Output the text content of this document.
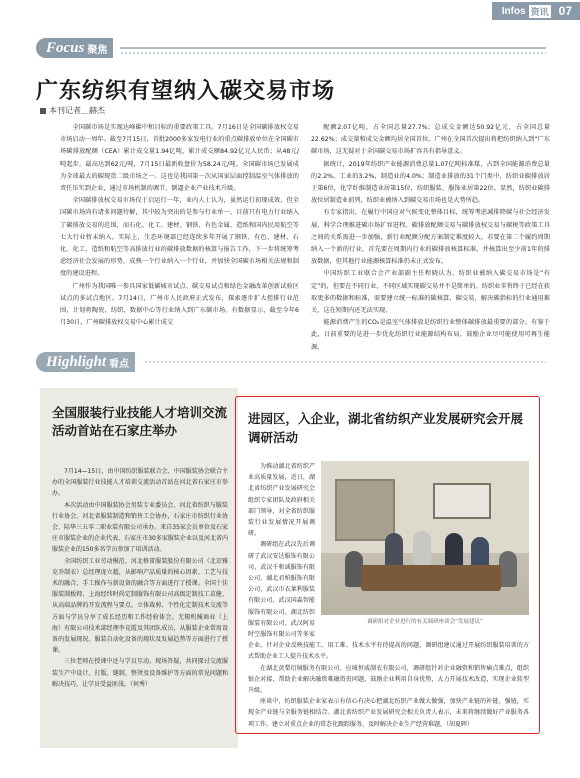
Infos 资讯 07
Focus 聚焦
广东纺织有望纳入碳交易市场
本刊记者＿赫杰

全国碳市场是实现达峰碳中和目标的重要政策工具。7月16日是全国碳排放权交易市场启动一周年。截至7月15日，首批2000多家发电行业的重点碳排放单位在全国碳市场碳排放配额（CEA）累计成交量1.94亿吨，累计成交额84.92亿元人民币；从48元/吨起步，最高达到62元/吨，7月15日最新收盘价为58.24元/吨。全国碳市场已发展成为全球最大的碳现货二级市场之一。这也是我国第一次从国家层面控制温室气体排放的责任压实到企业，通过市场机制的调节，倒逼企业产业技术升级。

全国碳排放权交易市场仅于启运行一年，业内人士认为，虽然运行初现成效，但全国碳市场尚有诸多问题待解，其中较为突出的是参与行业单一。目前只有电力行业纳入了碳排放交易的范围，而石化、化工、建材、钢铁、有色金属、造纸和国内民用航空等七大行业暂未纳入。实际上，生态环境部已经连续多年开展了钢铁、有色、建材、石化、化工、造纸和航空等高排放行业的碳排放数据的核算与报告工作，下一步将统筹考虑经济社会发展的形势，成熟一个行业纳入一个行业，并加快全国碳市场相关法规和制度的建设进程。

广州作为我国唯一参具国家低碳城市试点、碳交易试点和绿色金融改革创新试验区试点的多试点地区。7月14日，广州市人民政府正式发布，探索逐步扩大控排行业范围，计划将陶瓷、纺织、数据中心等行业纳入到广东碳市场。有数据显示，截至今年6月30日，广州碳排放权交易中心累计成交

配额2.07亿吨，占全国总量27.7%；总成交金额达50.92亿元，占全国总量22.62%；成交量和成交金额均居全国首位。广州在全国首次提出将把纺织纳入到“广东碳市场，这无疑对于全国碳交易市场扩容具有指导意义。

据统计，2019年纺织产业能源消费总量1.07亿吨标准煤，占到全国能源消费总量的2.2%。工业的3.2%，制造业的4.0%；制造业排放的31个门类中，纺织业碳排放居于第6位，化学纤维制造业居第15位，纺织服装、服饰业居第22位。显然，纺织业碳排放位居制造业前列，纺织业被纳入到碳交易市场也是大势所趋。

有专家指出，在履行中国应对气候变化整体目标，统筹考虑减排降碳与社会经济发展，科学合理推进碳市场扩容进程。碳排放配额交易与碳排放权交易与碳税等政策工具之间的关系需进一步加强，新行业配额分配方案制定难度较大。若要在第二个履约周期纳入一个新的行业，首先要在周期内行业的碳排放核算标准，并核算出至少前1年的排放数据，但其他行业能源核算标准仍未正式发布。

中国纺织工业联合会产业部副主任程晓认为，纺织业被纳入碳交易市场是“有定”的，但要在不同行业，不同区域实现碳交易并不是简单的。纺织业零售终于已经在获取更多的数据和标准，需要建立统一标准的碳核算，碳交易，解决碳指标的行业通用难关，这在短期内还无法实现。

能源消费产生的CO₂是温室气体排放是纺织行业整体碳排放最重要的部分。有鉴于此，日前重要的是进一步优化纺织行业能源结构布局，鼓励企业尽可能使用可再生能源。

Highlight 看点
全国服装行业技能人才培训交流活动首站在石家庄举办

7月14—15日，由中国纺织服装联合会、中国服装协会联合主办的全国服装行业技能人才培训交流活动首站在河北省石家庄市举办。

本次活动由中国服装协会男装专业委员会、河北省纺织与服装行业协会、河北省服装制造和销售工会协办，石家庄市纺织行业协会、际华三五零二职业装有限公司承办。来自35家会员单位及石家庄市服装企业的企业代表、石家庄市30多家服装企业以及河北省内服装企业的150多名学员参加了培训活动。

全国纺织工业劳动模范、河北格雷服装股份有限公司（北京雅克乔制衣）总经理庞立超，从影响产品质量的核心因素、工艺与技术的融合、手工操作与新设备的融合等方面进行了授课。全国十佳服装制板师、上海经纬时尚定制服饰有限公司高级定制技工苗健，从高端品牌的开发流程与要点、立体裁剪、个性化定制技术交流等方面与学员分享了成长经历和工作经验体会。无锡机械商业（上海）有限公司技术部经理李竞霞及其团队成员，从服装企业常用设备的发展现况、服装自动化设备的现状及发展趋势等方面进行了授课。

三位老师在授课中还与学员互动，现场答疑，共同探讨交流服装生产中设计、打版、缝制、整烫及设备维护等方面的常见问题和解决技巧，让学员受益匪浅。（何秀）

进园区，入企业，湖北省纺织产业发展研究会开展调研活动
调研组对企业进行的有关调研座谈会“发展建议”

为推动湖北省纺织产业高质量发展，近日，湖北省纺织产业发展研究会组织专家团队及政府相关部门领导，对全省纺织服装行业发展情况开展调研。

调研组在武汉先后调研了武汉安达服饰有限公司、武汉千和诚服饰有限公司、湖北君柏服饰有限公司、武汉市衣莱利服装有限公司、武汉国森智能服饰有限公司、湖北纺织服装有限公司、武汉阿易时空服饰有限公司等多家企业。针对企业反映技能工、用工难、技术水平有待提高的问题，调研组建议通过开展纺织服装培训的方式帮助企业工人提升技术水平。

在湖北黄梨衍镜服务有限公司、应城恒威制衣有限公司，调研组针对企业融资和销售痛点难点，组织银企对接，帮助企业解决融资难融资贵问题，鼓励企业利用自身优势，大力开展技术改造，实现企业转型升级。

座谈中，纺织服装企业家表示有信心有决心把湖北纺织产业做大做强，加快产业链的补链、强链，实现全产业链与全服务链相结合。湖北省纺织产业发展研究会相关负责人表示，未来将继续做好产业服务各项工作，建立对重点企业的常态化跟踪服务，及时解决企业生产经营难题。（胡夏晖）
